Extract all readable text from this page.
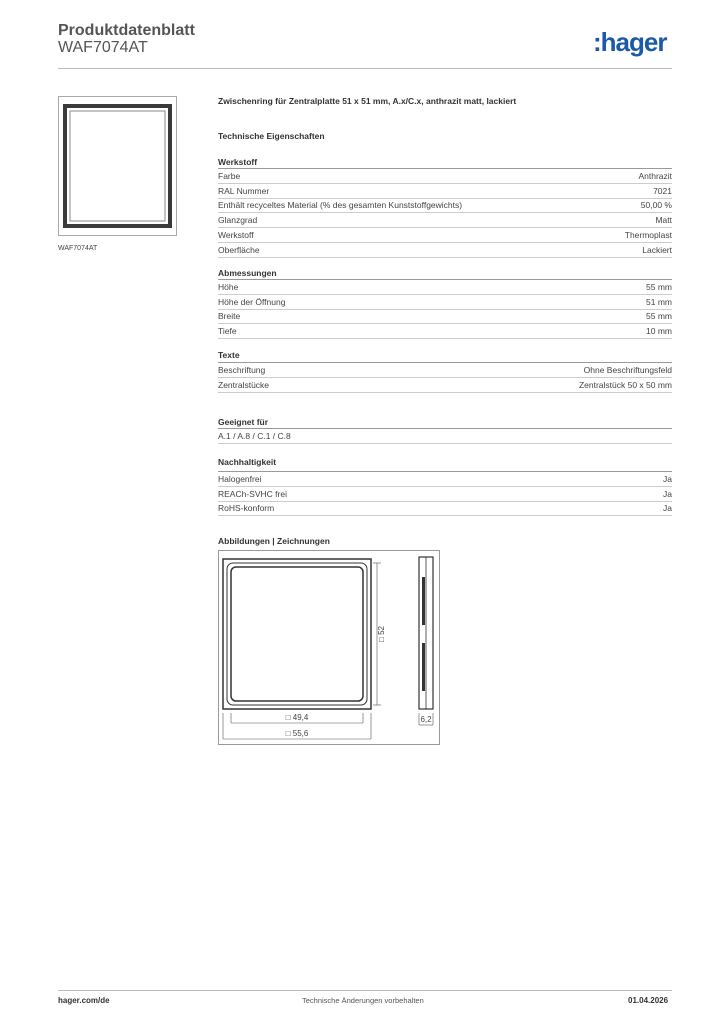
Produktdatenblatt
WAF7074AT	:hager
WAF7074AT
Zwischenring für Zentralplatte 51 x 51 mm, A.x/C.x, anthrazit matt, lackiert
Technische Eigenschaften
Werkstoff
Abmessungen
Texte
Geeignet für
Nachhaltigkeit
Abbildungen | Zeichnungen
□ 52
□ 49,4
□ 55,6
6,2
hager.com/de	Technische Änderungen vorbehalten	01.04.2026
Farbe	Anthrazit
RAL Nummer	7021
Enthält recyceltes Material (% des gesamten Kunststoffgewichts)	50,00 %
Glanzgrad	Matt
Werkstoff	Thermoplast
Oberfläche	Lackiert
Höhe	55 mm
Höhe der Öffnung	51 mm
Breite	55 mm
Tiefe	10 mm
Beschriftung	Ohne Beschriftungsfeld
Zentralstücke	Zentralstück 50 x 50 mm
A.1 / A.8 / C.1 / C.8
Halogenfrei	Ja
REACh-SVHC frei	Ja
RoHS-konform	Ja
